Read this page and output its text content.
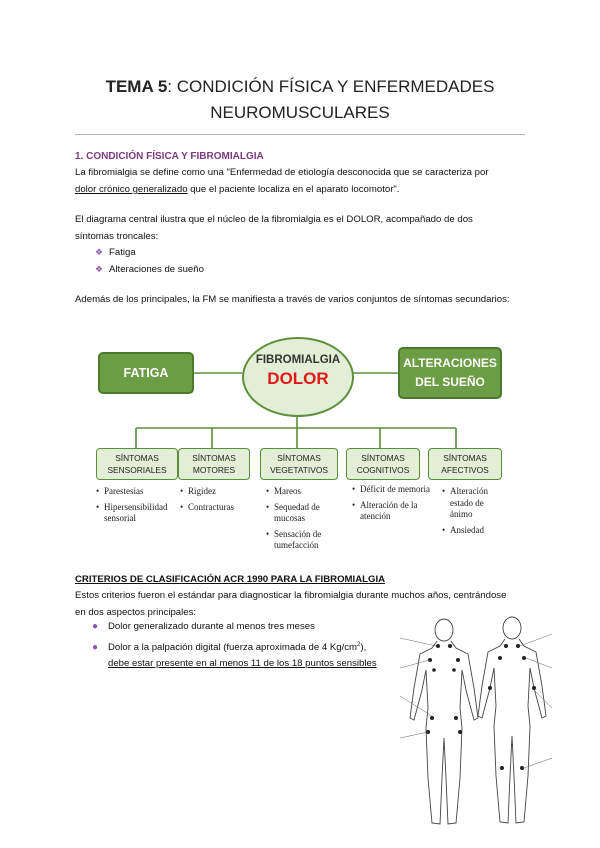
TEMA 5: CONDICIÓN FÍSICA Y ENFERMEDADES
NEUROMUSCULARES
1. CONDICIÓN FÍSICA Y FIBROMIALGIA
La fibromialgia se define como una "Enfermedad de etiología desconocida que se caracteriza por
dolor crónico generalizado que el paciente localiza en el aparato locomotor".
El diagrama central ilustra que el núcleo de la fibromialgia es el DOLOR, acompañado de dos
síntomas troncales:
❖ Fatiga
❖ Alteraciones de sueño
Además de los principales, la FM se manifiesta a través de varios conjuntos de síntomas secundarios:
FATIGA
ALTERACIONES
DEL SUEÑO
FIBROMIALGIA
DOLOR
SÍNTOMAS
SENSORIALES
SÍNTOMAS
MOTORES
SÍNTOMAS
VEGETATIVOS
SÍNTOMAS
COGNITIVOS
SÍNTOMAS
AFECTIVOS
• Parestesias
• Hipersensibilidad sensorial
• Rigidez
• Contracturas
• Mareos
• Sequedad de mucosas
• Sensación de tumefacción
• Déficit de memoria
• Alteración de la atención
• Alteración estado de ánimo
• Ansiedad
CRITERIOS DE CLASIFICACIÓN ACR 1990 PARA LA FIBROMIALGIA
Estos criterios fueron el estándar para diagnosticar la fibromialgia durante muchos años, centrándose
en dos aspectos principales:
● Dolor generalizado durante al menos tres meses
● Dolor a la palpación digital (fuerza aproximada de 4 $Kg/cm^2$),
debe estar presente en al menos 11 de los 18 puntos sensibles
